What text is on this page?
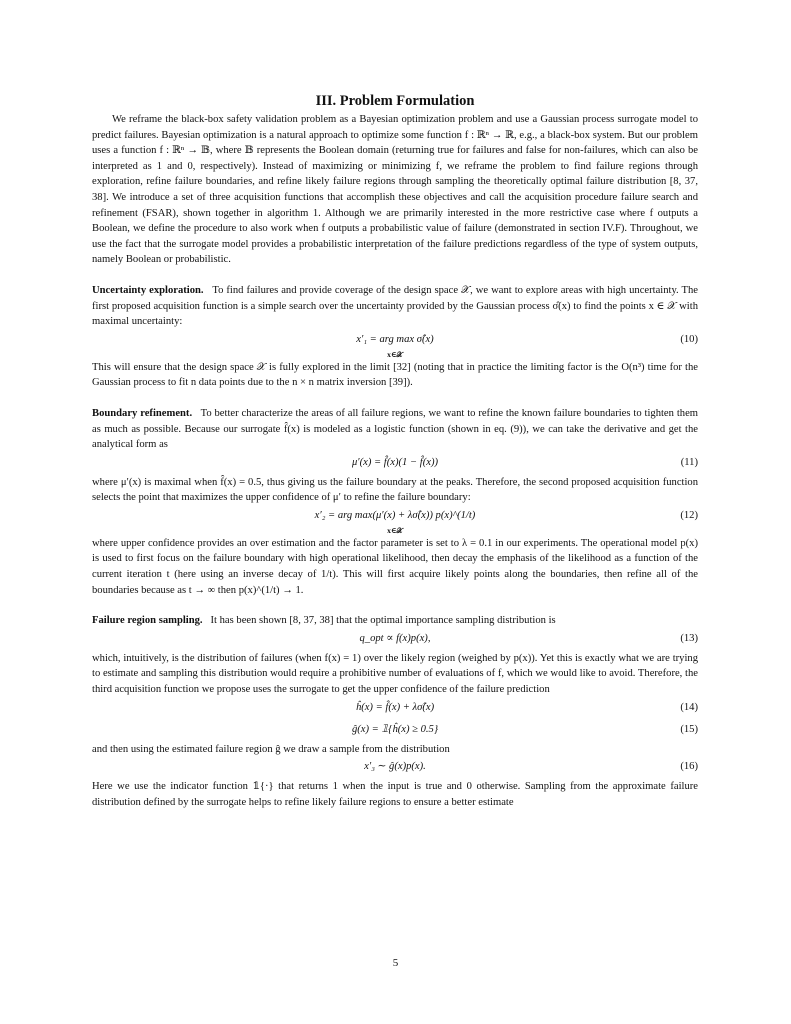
III. Problem Formulation

We reframe the black-box safety validation problem as a Bayesian optimization problem and use a Gaussian process surrogate model to predict failures. Bayesian optimization is a natural approach to optimize some function f : ℝⁿ → ℝ, e.g., a black-box system. But our problem uses a function f : ℝⁿ → 𝔹, where 𝔹 represents the Boolean domain (returning true for failures and false for non-failures, which can also be interpreted as 1 and 0, respectively). Instead of maximizing or minimizing f, we reframe the problem to find failure regions through exploration, refine failure boundaries, and refine likely failure regions through sampling the theoretically optimal failure distribution [8, 37, 38]. We introduce a set of three acquisition functions that accomplish these objectives and call the acquisition procedure failure search and refinement (FSAR), shown together in algorithm 1. Although we are primarily interested in the more restrictive case where f outputs a Boolean, we define the procedure to also work when f outputs a probabilistic value of failure (demonstrated in section IV.F). Throughout, we use the fact that the surrogate model provides a probabilistic interpretation of the failure predictions regardless of the type of system outputs, namely Boolean or probabilistic.

Uncertainty exploration. To find failures and provide coverage of the design space 𝒳, we want to explore areas with high uncertainty. The first proposed acquisition function is a simple search over the uncertainty provided by the Gaussian process σ̂(x) to find the points x ∈ 𝒳 with maximal uncertainty:

x′₁ = arg max σ̂(x)
x∈𝒳
(10)

This will ensure that the design space 𝒳 is fully explored in the limit [32] (noting that in practice the limiting factor is the O(n³) time for the Gaussian process to fit n data points due to the n × n matrix inversion [39]).

Boundary refinement. To better characterize the areas of all failure regions, we want to refine the known failure boundaries to tighten them as much as possible. Because our surrogate f̂(x) is modeled as a logistic function (shown in eq. (9)), we can take the derivative and get the analytical form as

μ′(x) = f̂(x)(1 − f̂(x))	(11)

where μ′(x) is maximal when f̂(x) = 0.5, thus giving us the failure boundary at the peaks. Therefore, the second proposed acquisition function selects the point that maximizes the upper confidence of μ′ to refine the failure boundary:

x′₂ = arg max(μ′(x) + λσ̂(x)) p(x)^(1/t)
x∈𝒳
(12)

where upper confidence provides an over estimation and the factor parameter is set to λ = 0.1 in our experiments. The operational model p(x) is used to first focus on the failure boundary with high operational likelihood, then decay the emphasis of the likelihood as a function of the current iteration t (here using an inverse decay of 1/t). This will first acquire likely points along the boundaries, then refine all of the boundaries because as t → ∞ then p(x)^(1/t) → 1.

Failure region sampling. It has been shown [8, 37, 38] that the optimal importance sampling distribution is

q_opt ∝ f(x)p(x),	(13)

which, intuitively, is the distribution of failures (when f(x) = 1) over the likely region (weighed by p(x)). Yet this is exactly what we are trying to estimate and sampling this distribution would require a prohibitive number of evaluations of f, which we would like to avoid. Therefore, the third acquisition function we propose uses the surrogate to get the upper confidence of the failure prediction

ĥ(x) = f̂(x) + λσ̂(x)	(14)
ĝ(x) = 𝟙{ĥ(x) ≥ 0.5}	(15)

and then using the estimated failure region ĝ we draw a sample from the distribution

x′₃ ∼ ĝ(x)p(x).	(16)

Here we use the indicator function 𝟙{·} that returns 1 when the input is true and 0 otherwise. Sampling from the approximate failure distribution defined by the surrogate helps to refine likely failure regions to ensure a better estimate

5
